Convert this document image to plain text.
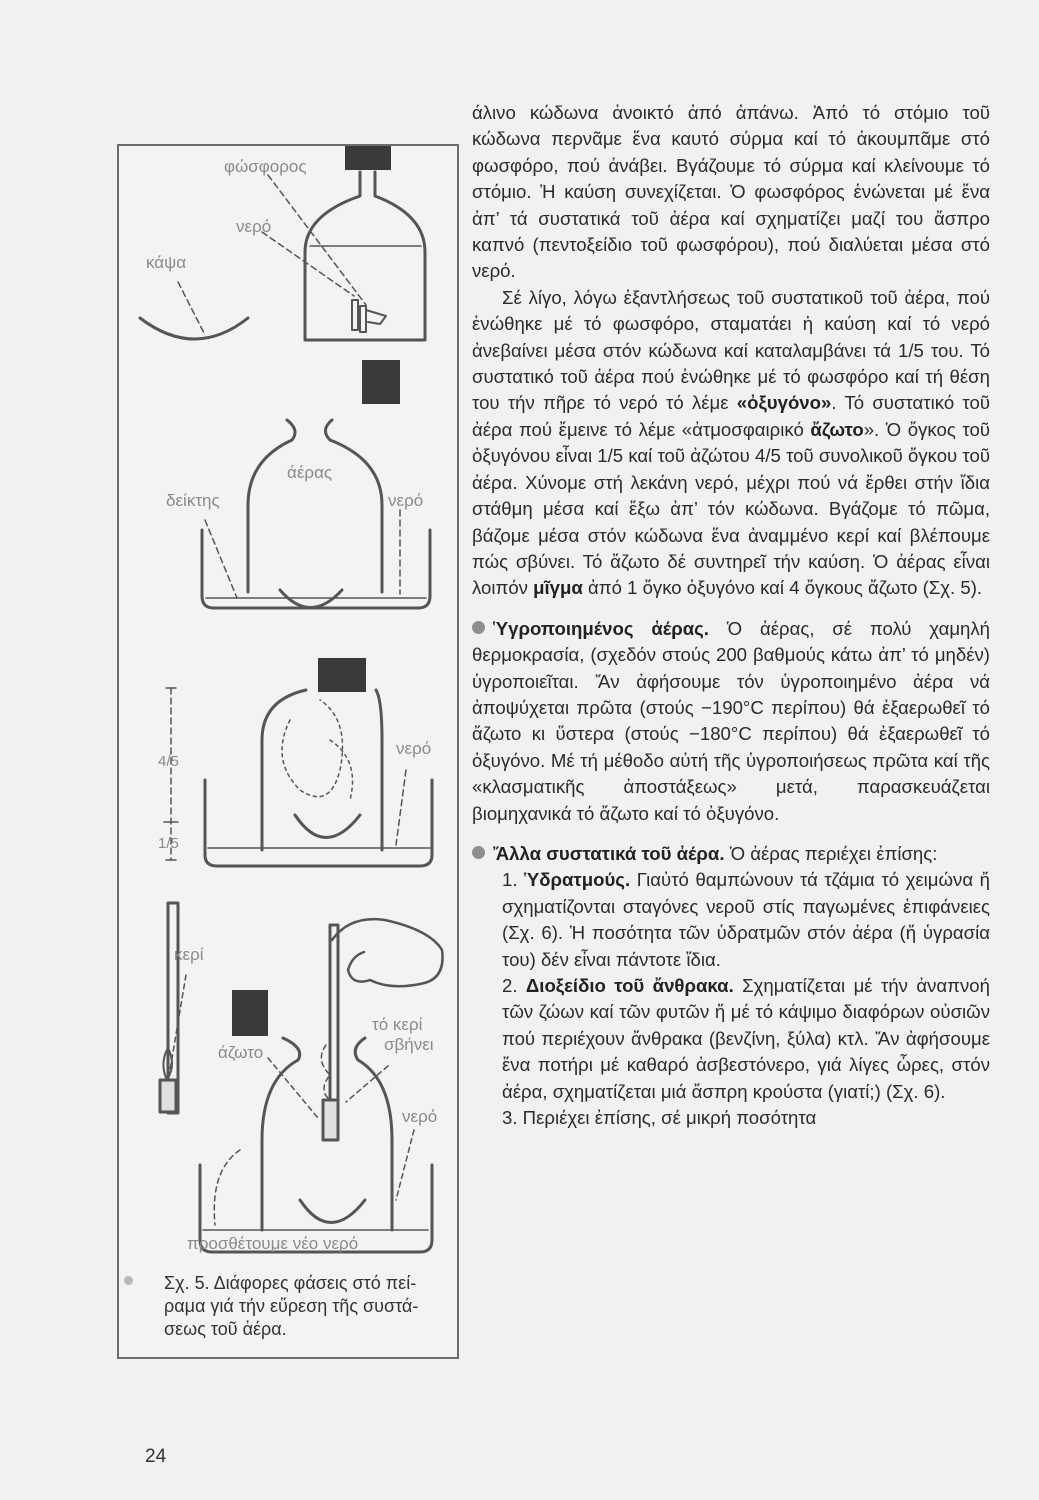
φώσφορος
νερό
κάψα
άέρας
δείκτης	νερό
4/5
1/5
νερό
κερί
άζωτο
τό κερί
σβήνει
νερό
προσθέτουμε νέο νερό

Σχ. 5. Διάφορες φάσεις στό πεί-
ραμα γιά τήν εὕρεση τῆς συστά-
σεως τοῦ ἀέρα.

άλινο κώδωνα ἀνοικτό ἀπό ἀπάνω. Ἀπό τό στόμιο τοῦ κώδωνα περνᾶμε ἕνα καυτό σύρμα καί τό ἀκουμπᾶμε στό φωσφόρο, πού ἀνάβει. Βγάζουμε τό σύρμα καί κλείνουμε τό στόμιο. Ἡ καύση συνεχίζεται. Ὁ φωσφόρος ἑνώνεται μέ ἕνα ἀπ’ τά συστατικά τοῦ ἀέρα καί σχηματίζει μαζί του ἄσπρο καπνό (πεντοξείδιο τοῦ φωσφόρου), πού διαλύεται μέσα στό νερό.

Σέ λίγο, λόγω ἐξαντλήσεως τοῦ συστατικοῦ τοῦ ἀέρα, πού ἑνώθηκε μέ τό φωσφόρο, σταματάει ἡ καύση καί τό νερό ἀνεβαίνει μέσα στόν κώδωνα καί καταλαμβάνει τά 1/5 του. Τό συστατικό τοῦ ἀέρα πού ἑνώθηκε μέ τό φωσφόρο καί τή θέση του τήν πῆρε τό νερό τό λέμε «ὀξυγόνο». Τό συστατικό τοῦ ἀέρα πού ἔμεινε τό λέμε «ἀτμοσφαιρικό ἄζωτο». Ὁ ὄγκος τοῦ ὀξυγόνου εἶναι 1/5 καί τοῦ ἀζώτου 4/5 τοῦ συνολικοῦ ὄγκου τοῦ ἀέρα. Χύνομε στή λεκάνη νερό, μέχρι πού νά ἔρθει στήν ἴδια στάθμη μέσα καί ἔξω ἀπ’ τόν κώδωνα. Βγάζομε τό πῶμα, βάζομε μέσα στόν κώδωνα ἕνα ἀναμμένο κερί καί βλέπουμε πώς σβύνει. Τό ἄζωτο δέ συντηρεῖ τήν καύση. Ὁ ἀέρας εἶναι λοιπόν μῖγμα ἀπό 1 ὄγκο ὀξυγόνο καί 4 ὄγκους ἄζωτο (Σχ. 5).

Ὑγροποιημένος ἀέρας. Ὁ ἀέρας, σέ πολύ χαμηλή θερμοκρασία, (σχεδόν στούς 200 βαθμούς κάτω ἀπ’ τό μηδέν) ὑγροποιεῖται. Ἄν ἀφήσουμε τόν ὑγροποιημένο ἀέρα νά ἀποψύχεται πρῶτα (στούς −190°C περίπου) θά ἐξαερωθεῖ τό ἄζωτο κι ὕστερα (στούς −180°C περίπου) θά ἐξαερωθεῖ τό ὀξυγόνο. Μέ τή μέθοδο αὐτή τῆς ὑγροποιήσεως πρῶτα καί τῆς «κλασματικῆς ἀποστάξεως» μετά, παρασκευάζεται βιομηχανικά τό ἄζωτο καί τό ὀξυγόνο.

Ἄλλα συστατικά τοῦ ἀέρα. Ὁ ἀέρας περιέχει ἐπίσης:

1. Ὑδρατμούς. Γιαὐτό θαμπώνουν τά τζάμια τό χειμώνα ἤ σχηματίζονται σταγόνες νεροῦ στίς παγωμένες ἐπιφάνειες (Σχ. 6). Ἡ ποσότητα τῶν ὑδρατμῶν στόν ἀέρα (ἤ ὑγρασία του) δέν εἶναι πάντοτε ἴδια.

2. Διοξείδιο τοῦ ἄνθρακα. Σχηματίζεται μέ τήν ἀναπνοή τῶν ζώων καί τῶν φυτῶν ἤ μέ τό κάψιμο διαφόρων οὐσιῶν πού περιέχουν ἄνθρακα (βενζίνη, ξύλα) κτλ. Ἄν ἀφήσουμε ἕνα ποτήρι μέ καθαρό ἀσβεστόνερο, γιά λίγες ὧρες, στόν ἀέρα, σχηματίζεται μιά ἄσπρη κρούστα (γιατί;) (Σχ. 6).

3. Περιέχει ἐπίσης, σέ μικρή ποσότητα

24
